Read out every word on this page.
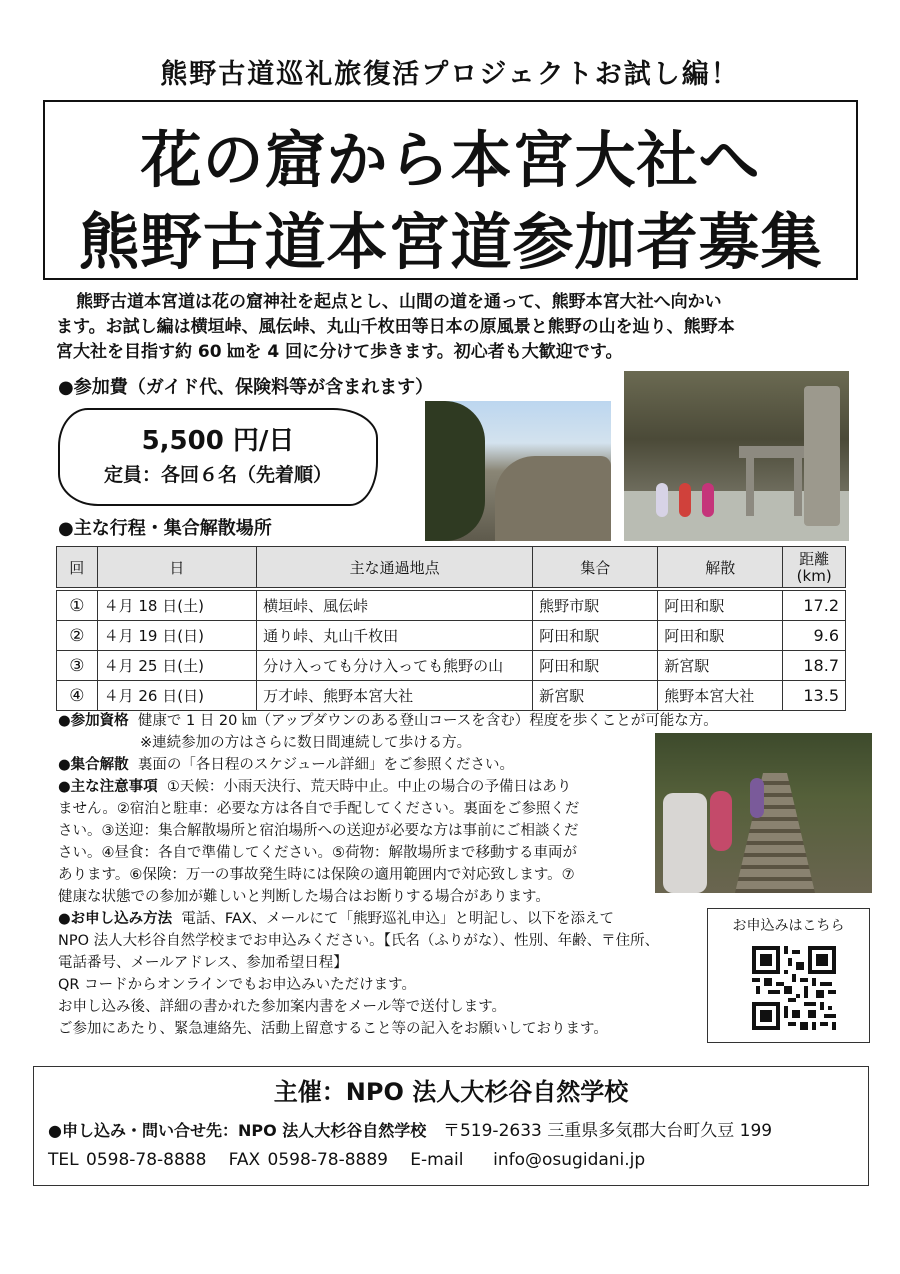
熊野古道巡礼旅復活プロジェクトお試し編！
花の窟から本宮大社へ
熊野古道本宮道参加者募集
熊野古道本宮道は花の窟神社を起点とし、山間の道を通って、熊野本宮大社へ向かい
ます。お試し編は横垣峠、風伝峠、丸山千枚田等日本の原風景と熊野の山を辿り、熊野本
宮大社を目指す約 60 ㎞を 4 回に分けて歩きます。初心者も大歓迎です。
●参加費（ガイド代、保険料等が含まれます）
5,500 円/日
定員：各回６名（先着順）
●主な行程・集合解散場所
回	日	主な通過地点	集合	解散	距離
(km)

①	４月 18 日(土)	横垣峠、風伝峠	熊野市駅	阿田和駅	17.2
②	４月 19 日(日)	通り峠、丸山千枚田	阿田和駅	阿田和駅	9.6
③	４月 25 日(土)	分け入っても分け入っても熊野の山	阿田和駅	新宮駅	18.7
④	４月 26 日(日)	万才峠、熊野本宮大社	新宮駅	熊野本宮大社	13.5
●参加資格 健康で 1 日 20 ㎞（アップダウンのある登山コースを含む）程度を歩くことが可能な方。
※連続参加の方はさらに数日間連続して歩ける方。
●集合解散 裏面の「各日程のスケジュール詳細」をご参照ください。
●主な注意事項 ①天候：小雨天決行、荒天時中止。中止の場合の予備日はあり
ません。②宿泊と駐車：必要な方は各自で手配してください。裏面をご参照くだ
さい。③送迎：集合解散場所と宿泊場所への送迎が必要な方は事前にご相談くだ
さい。④昼食：各自で準備してください。⑤荷物：解散場所まで移動する車両が
あります。⑥保険：万一の事故発生時には保険の適用範囲内で対応致します。⑦
健康な状態での参加が難しいと判断した場合はお断りする場合があります。
●お申し込み方法 電話、FAX、メールにて「熊野巡礼申込」と明記し、以下を添えて
NPO 法人大杉谷自然学校までお申込みください。【氏名（ふりがな）、性別、年齢、〒住所、
電話番号、メールアドレス、参加希望日程】
QR コードからオンラインでもお申込みいただけます。
お申し込み後、詳細の書かれた参加案内書をメール等で送付します。
ご参加にあたり、緊急連絡先、活動上留意すること等の記入をお願いしております。
お申込みはこちら
主催：NPO 法人大杉谷自然学校
●申し込み・問い合せ先：NPO 法人大杉谷自然学校 〒519-2633 三重県多気郡大台町久豆 199
TEL 0598-78-8888 FAX 0598-78-8889 E-mail info@osugidani.jp
